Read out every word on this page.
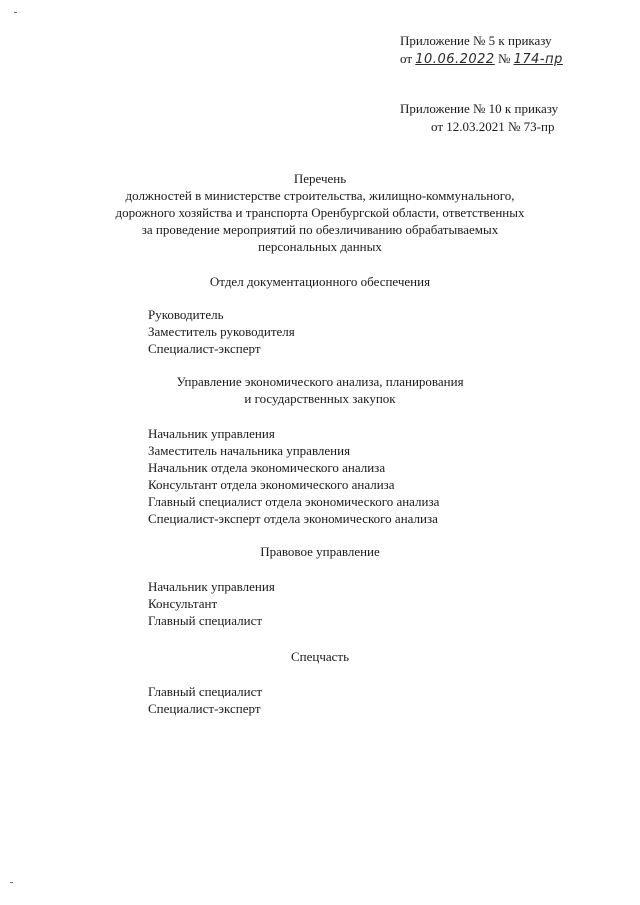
Приложение № 5 к приказу
от 10.06.2022 № 174-пр
Приложение № 10 к приказу
от 12.03.2021 № 73-пр
Перечень
должностей в министерстве строительства, жилищно-коммунального,
дорожного хозяйства и транспорта Оренбургской области, ответственных
за проведение мероприятий по обезличиванию обрабатываемых
персональных данных
Отдел документационного обеспечения
Руководитель
Заместитель руководителя
Специалист-эксперт
Управление экономического анализа, планирования
и государственных закупок
Начальник управления
Заместитель начальника управления
Начальник отдела экономического анализа
Консультант отдела экономического анализа
Главный специалист отдела экономического анализа
Специалист-эксперт отдела экономического анализа
Правовое управление
Начальник управления
Консультант
Главный специалист
Спецчасть
Главный специалист
Специалист-эксперт
